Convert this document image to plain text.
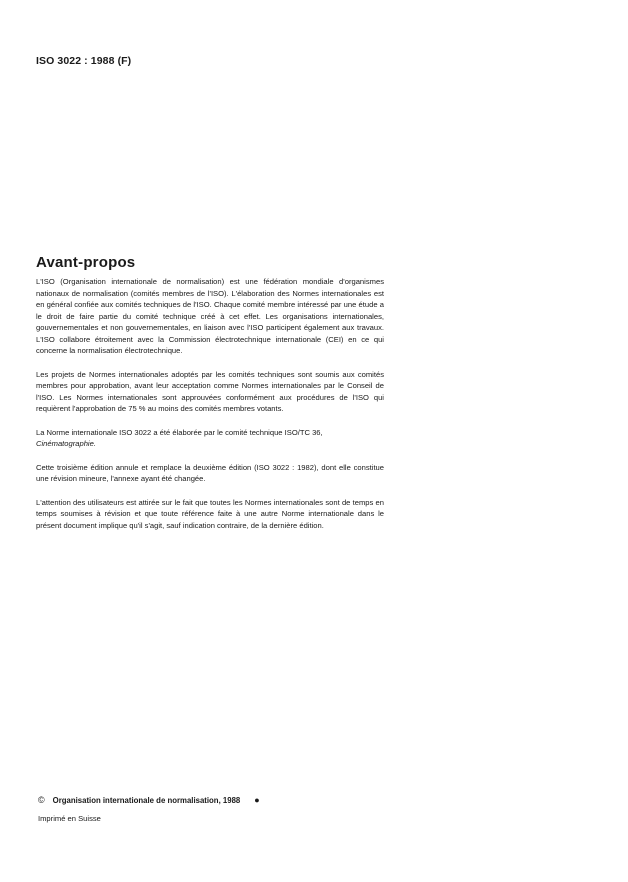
ISO 3022 : 1988 (F)
Avant-propos

L'ISO (Organisation internationale de normalisation) est une fédération mondiale d'organismes nationaux de normalisation (comités membres de l'ISO). L'élaboration des Normes internationales est en général confiée aux comités techniques de l'ISO. Chaque comité membre intéressé par une étude a le droit de faire partie du comité technique créé à cet effet. Les organisations internationales, gouvernementales et non gouvernementales, en liaison avec l'ISO participent également aux travaux. L'ISO collabore étroitement avec la Commission électrotechnique internationale (CEI) en ce qui concerne la normalisation électrotechnique.

Les projets de Normes internationales adoptés par les comités techniques sont soumis aux comités membres pour approbation, avant leur acceptation comme Normes internationales par le Conseil de l'ISO. Les Normes internationales sont approuvées conformément aux procédures de l'ISO qui requièrent l'approbation de 75 % au moins des comités membres votants.

La Norme internationale ISO 3022 a été élaborée par le comité technique ISO/TC 36,
Cinématographie.

Cette troisième édition annule et remplace la deuxième édition (ISO 3022 : 1982), dont elle constitue une révision mineure, l'annexe ayant été changée.

L'attention des utilisateurs est attirée sur le fait que toutes les Normes internationales sont de temps en temps soumises à révision et que toute référence faite à une autre Norme internationale dans le présent document implique qu'il s'agit, sauf indication contraire, de la dernière édition.

© Organisation internationale de normalisation, 1988 ●
Imprimé en Suisse
